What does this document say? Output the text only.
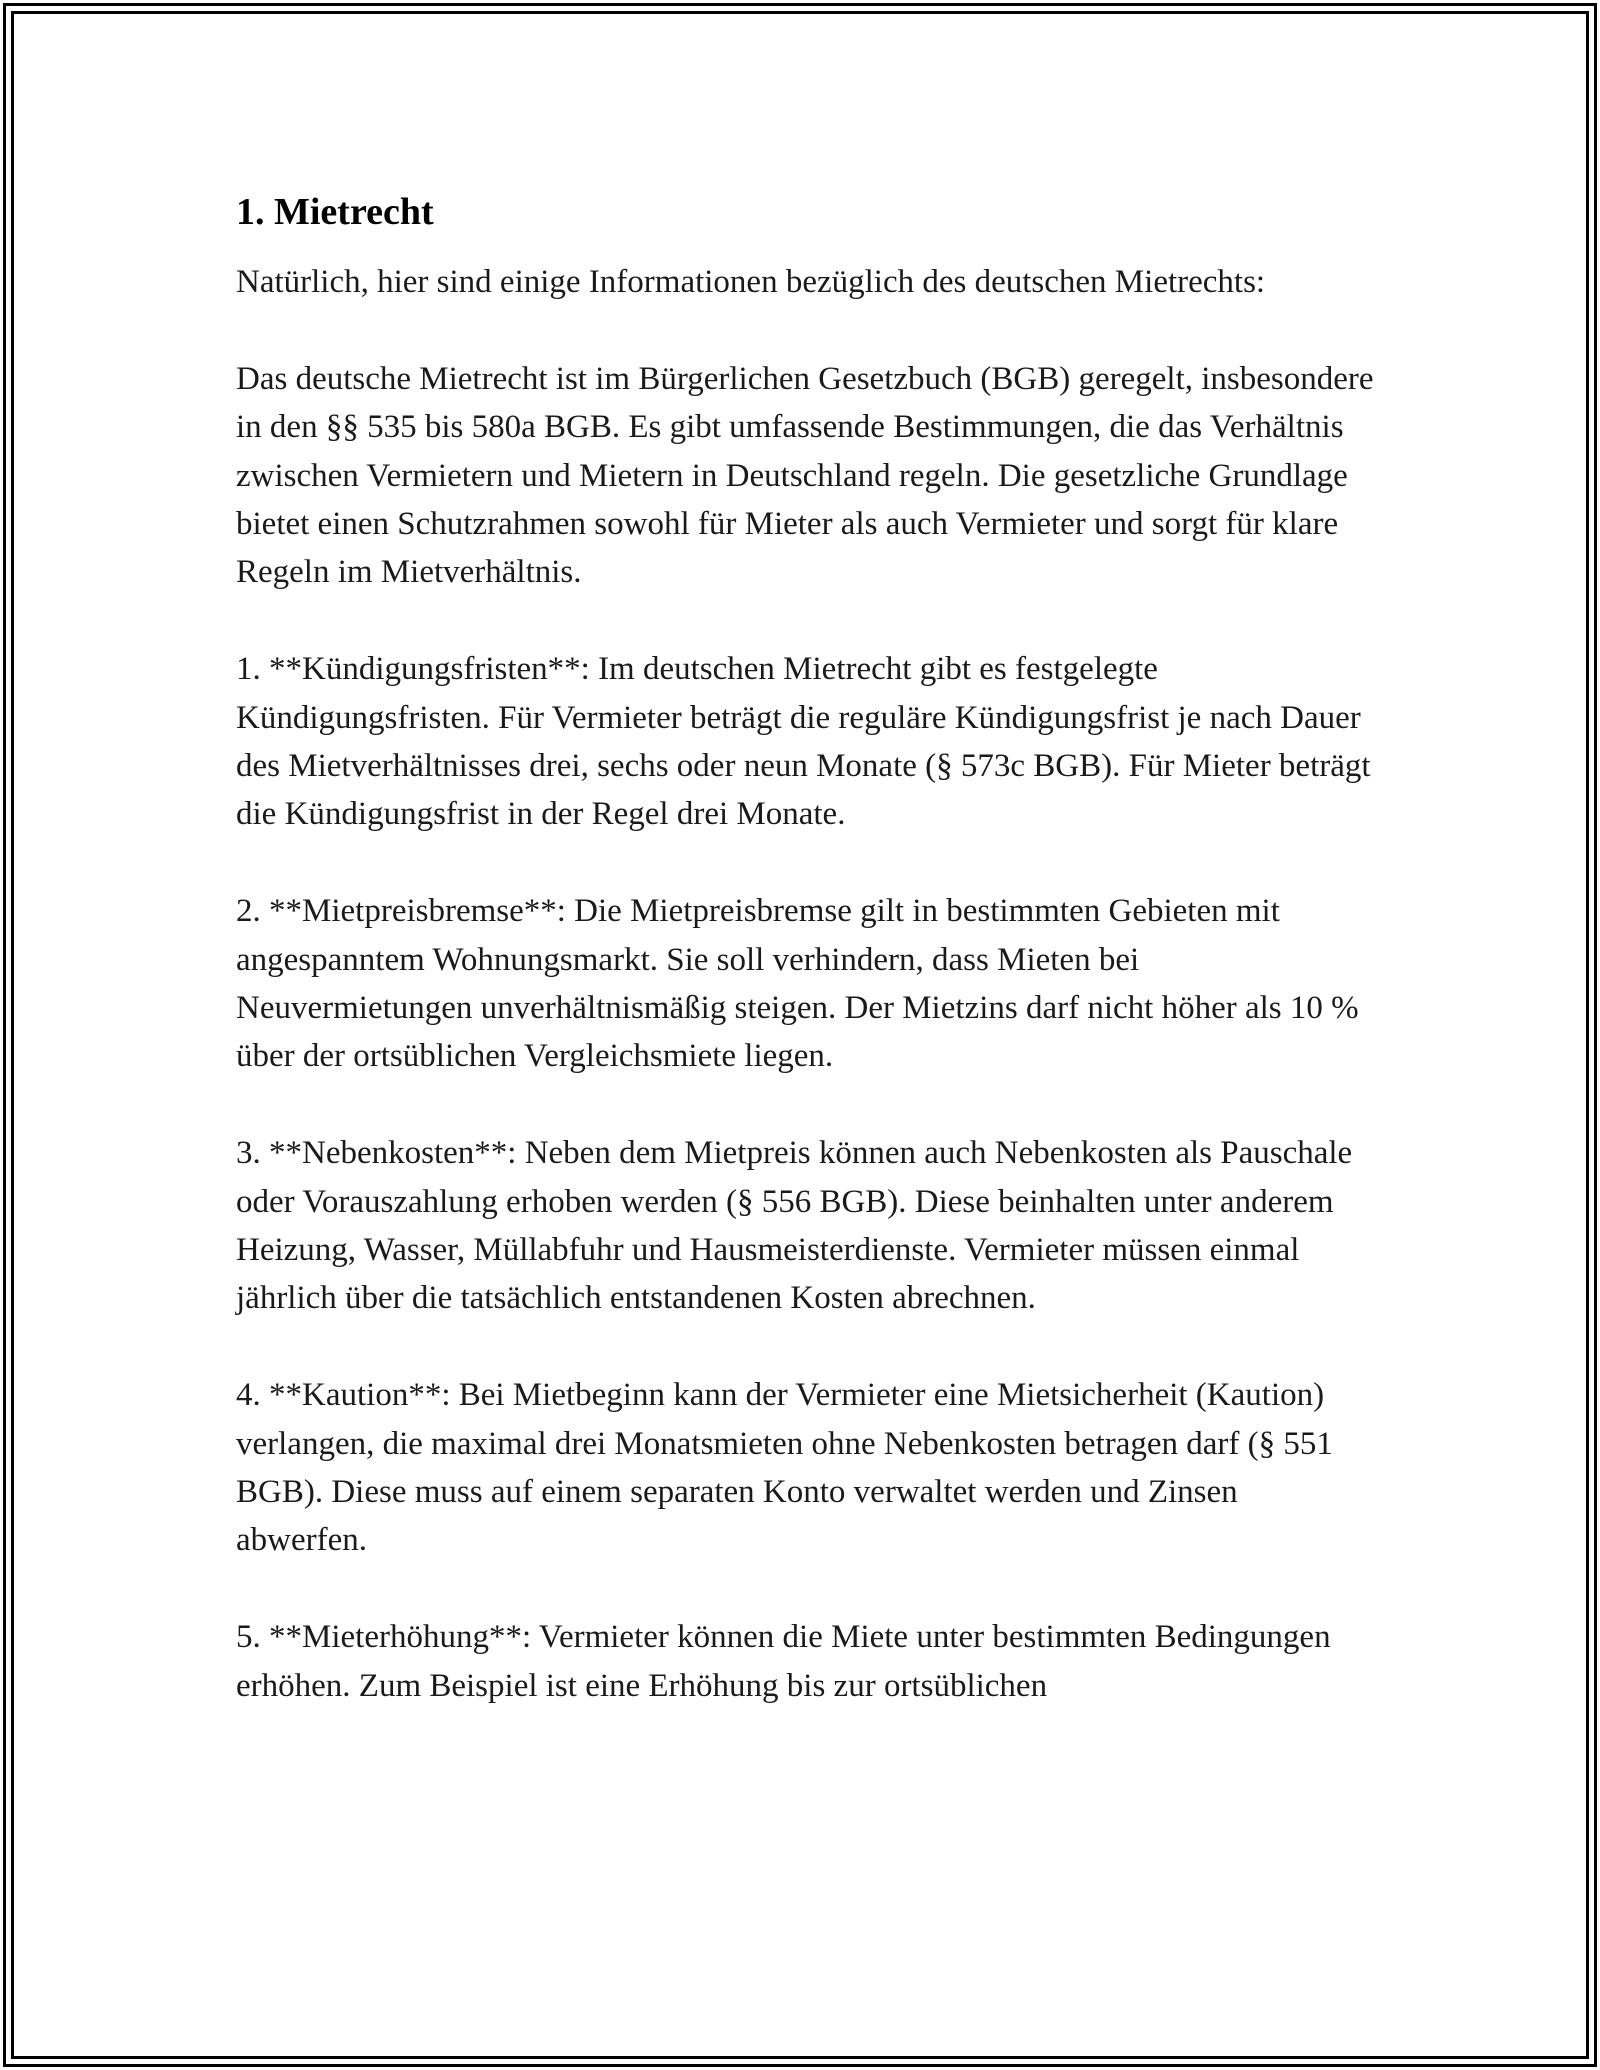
1. Mietrecht

Natürlich, hier sind einige Informationen bezüglich des deutschen Mietrechts:

Das deutsche Mietrecht ist im Bürgerlichen Gesetzbuch (BGB) geregelt, insbesondere in den §§ 535 bis 580a BGB. Es gibt umfassende Bestimmungen, die das Verhältnis zwischen Vermietern und Mietern in Deutschland regeln. Die gesetzliche Grundlage bietet einen Schutzrahmen sowohl für Mieter als auch Vermieter und sorgt für klare Regeln im Mietverhältnis.

1. **Kündigungsfristen**: Im deutschen Mietrecht gibt es festgelegte Kündigungsfristen. Für Vermieter beträgt die reguläre Kündigungsfrist je nach Dauer des Mietverhältnisses drei, sechs oder neun Monate (§ 573c BGB). Für Mieter beträgt die Kündigungsfrist in der Regel drei Monate.

2. **Mietpreisbremse**: Die Mietpreisbremse gilt in bestimmten Gebieten mit angespanntem Wohnungsmarkt. Sie soll verhindern, dass Mieten bei Neuvermietungen unverhältnismäßig steigen. Der Mietzins darf nicht höher als 10 % über der ortsüblichen Vergleichsmiete liegen.

3. **Nebenkosten**: Neben dem Mietpreis können auch Nebenkosten als Pauschale oder Vorauszahlung erhoben werden (§ 556 BGB). Diese beinhalten unter anderem Heizung, Wasser, Müllabfuhr und Hausmeisterdienste. Vermieter müssen einmal jährlich über die tatsächlich entstandenen Kosten abrechnen.

4. **Kaution**: Bei Mietbeginn kann der Vermieter eine Mietsicherheit (Kaution) verlangen, die maximal drei Monatsmieten ohne Nebenkosten betragen darf (§ 551 BGB). Diese muss auf einem separaten Konto verwaltet werden und Zinsen abwerfen.

5. **Mieterhöhung**: Vermieter können die Miete unter bestimmten Bedingungen erhöhen. Zum Beispiel ist eine Erhöhung bis zur ortsüblichen
